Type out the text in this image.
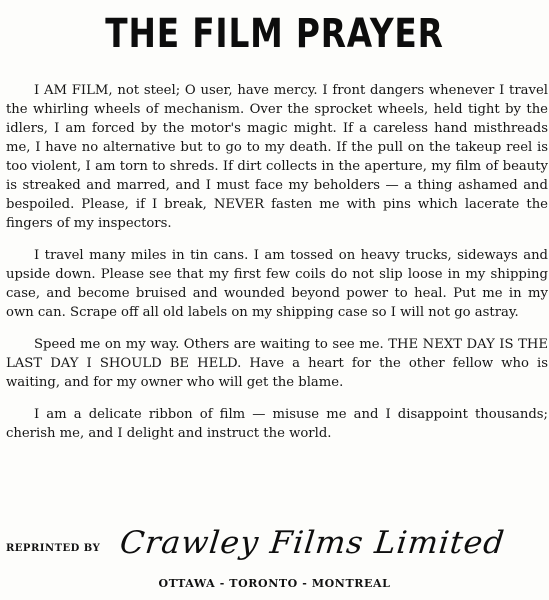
THE FILM PRAYER

I AM FILM, not steel; O user, have mercy. I front dangers whenever I travel the whirling wheels of mechanism. Over the sprocket wheels, held tight by the idlers, I am forced by the motor's magic might. If a careless hand misthreads me, I have no alternative but to go to my death. If the pull on the takeup reel is too violent, I am torn to shreds. If dirt collects in the aperture, my film of beauty is streaked and marred, and I must face my beholders — a thing ashamed and bespoiled. Please, if I break, NEVER fasten me with pins which lacerate the fingers of my inspectors.

I travel many miles in tin cans. I am tossed on heavy trucks, sideways and upside down. Please see that my first few coils do not slip loose in my shipping case, and become bruised and wounded beyond power to heal. Put me in my own can. Scrape off all old labels on my shipping case so I will not go astray.

Speed me on my way. Others are waiting to see me. THE NEXT DAY IS THE LAST DAY I SHOULD BE HELD. Have a heart for the other fellow who is waiting, and for my owner who will get the blame.

I am a delicate ribbon of film — misuse me and I disappoint thousands; cherish me, and I delight and instruct the world.

REPRINTED BY Crawley Films Limited
OTTAWA - TORONTO - MONTREAL
